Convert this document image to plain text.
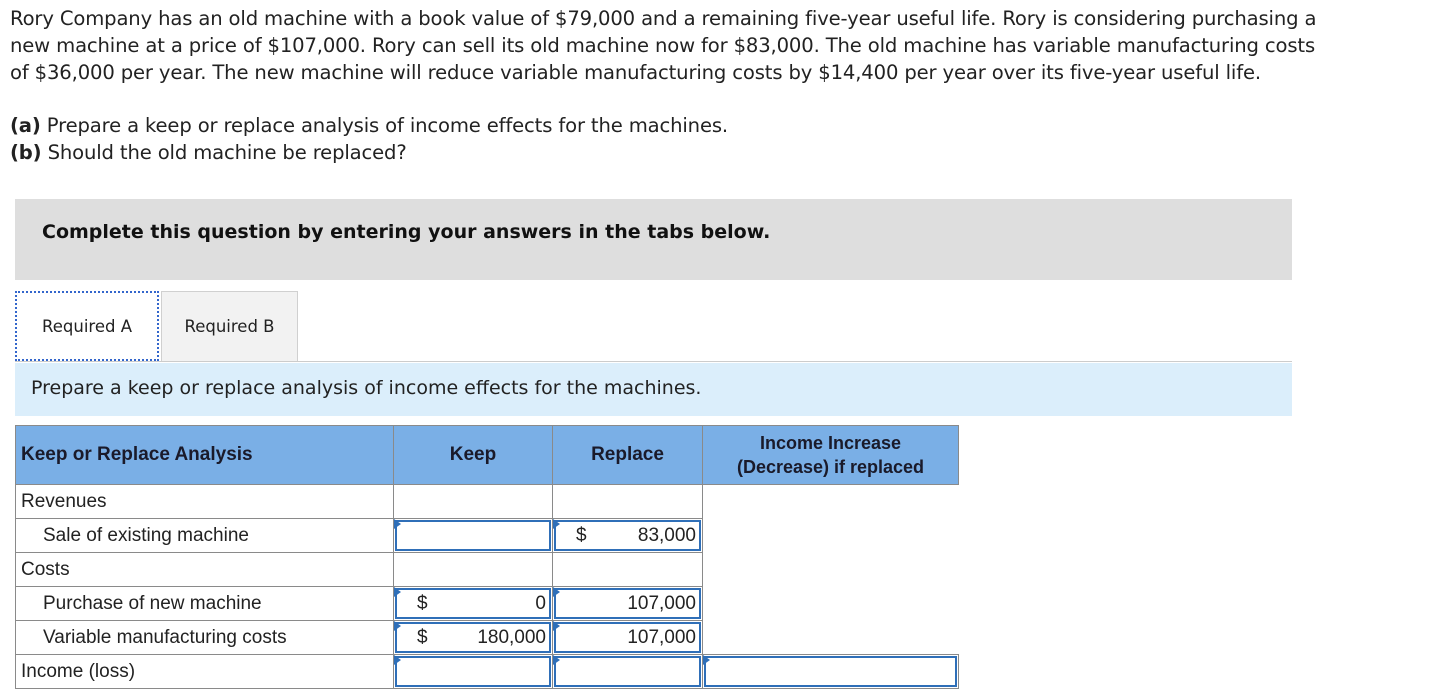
Rory Company has an old machine with a book value of $79,000 and a remaining five-year useful life. Rory is considering purchasing a

new machine at a price of $107,000. Rory can sell its old machine now for $83,000. The old machine has variable manufacturing costs

of $36,000 per year. The new machine will reduce variable manufacturing costs by $14,400 per year over its five-year useful life.

(a) Prepare a keep or replace analysis of income effects for the machines.
(b) Should the old machine be replaced?
Complete this question by entering your answers in the tabs below.
Required A	Required B
Prepare a keep or replace analysis of income effects for the machines.
Keep or Replace Analysis	Keep	Replace	Income Increase
(Decrease) if replaced

Revenues			
Sale of existing machine		$ 83,000	

Costs			
Purchase of new machine	$ 0	107,000	

Variable manufacturing costs	$ 180,000	107,000	

Income (loss)	
